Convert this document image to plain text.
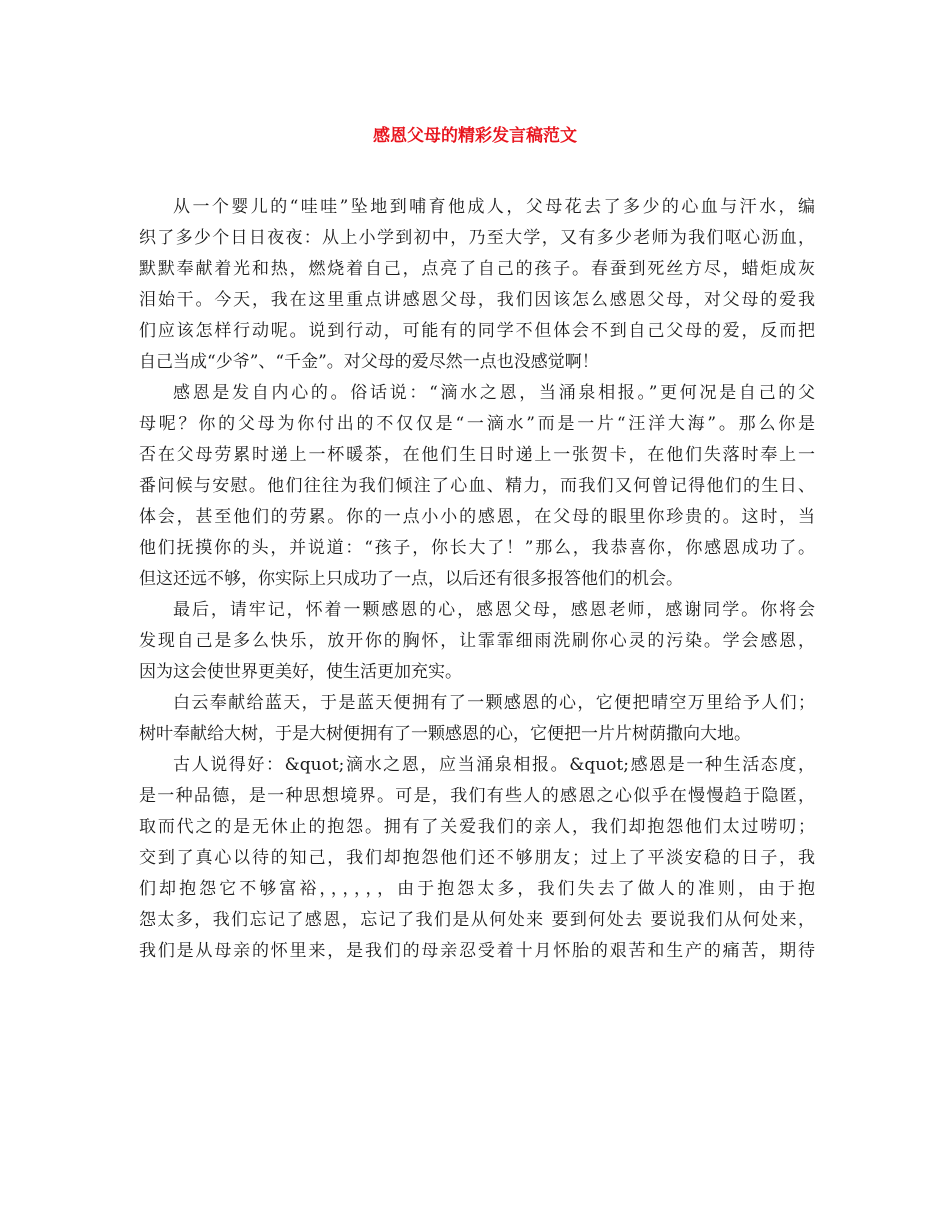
感恩父母的精彩发言稿范文
从一个婴儿的“哇哇”坠地到哺育他成人，父母花去了多少的心血与汗水，编
织了多少个日日夜夜：从上小学到初中，乃至大学，又有多少老师为我们呕心沥血，
默默奉献着光和热，燃烧着自己，点亮了自己的孩子。春蚕到死丝方尽，蜡炬成灰
泪始干。今天，我在这里重点讲感恩父母，我们因该怎么感恩父母，对父母的爱我
们应该怎样行动呢。说到行动，可能有的同学不但体会不到自己父母的爱，反而把
自己当成“少爷”、“千金”。对父母的爱尽然一点也没感觉啊！
感恩是发自内心的。俗话说：“滴水之恩，当涌泉相报。”更何况是自己的父
母呢？你的父母为你付出的不仅仅是“一滴水”而是一片“汪洋大海”。那么你是
否在父母劳累时递上一杯暖茶，在他们生日时递上一张贺卡，在他们失落时奉上一
番问候与安慰。他们往往为我们倾注了心血、精力，而我们又何曾记得他们的生日、
体会，甚至他们的劳累。你的一点小小的感恩，在父母的眼里你珍贵的。这时，当
他们抚摸你的头，并说道：“孩子，你长大了！”那么，我恭喜你，你感恩成功了。
但这还远不够，你实际上只成功了一点，以后还有很多报答他们的机会。
最后，请牢记，怀着一颗感恩的心，感恩父母，感恩老师，感谢同学。你将会
发现自己是多么快乐，放开你的胸怀，让霏霏细雨洗刷你心灵的污染。学会感恩，
因为这会使世界更美好，使生活更加充实。
白云奉献给蓝天，于是蓝天便拥有了一颗感恩的心，它便把晴空万里给予人们；
树叶奉献给大树，于是大树便拥有了一颗感恩的心，它便把一片片树荫撒向大地。
古人说得好：&quot;滴水之恩，应当涌泉相报。&quot;感恩是一种生活态度，
是一种品德，是一种思想境界。可是，我们有些人的感恩之心似乎在慢慢趋于隐匿，
取而代之的是无休止的抱怨。拥有了关爱我们的亲人，我们却抱怨他们太过唠叨；
交到了真心以待的知己，我们却抱怨他们还不够朋友；过上了平淡安稳的日子，我
们却抱怨它不够富裕，，，，，，由于抱怨太多，我们失去了做人的准则，由于抱
怨太多，我们忘记了感恩，忘记了我们是从何处来 要到何处去 要说我们从何处来，
我们是从母亲的怀里来，是我们的母亲忍受着十月怀胎的艰苦和生产的痛苦，期待
